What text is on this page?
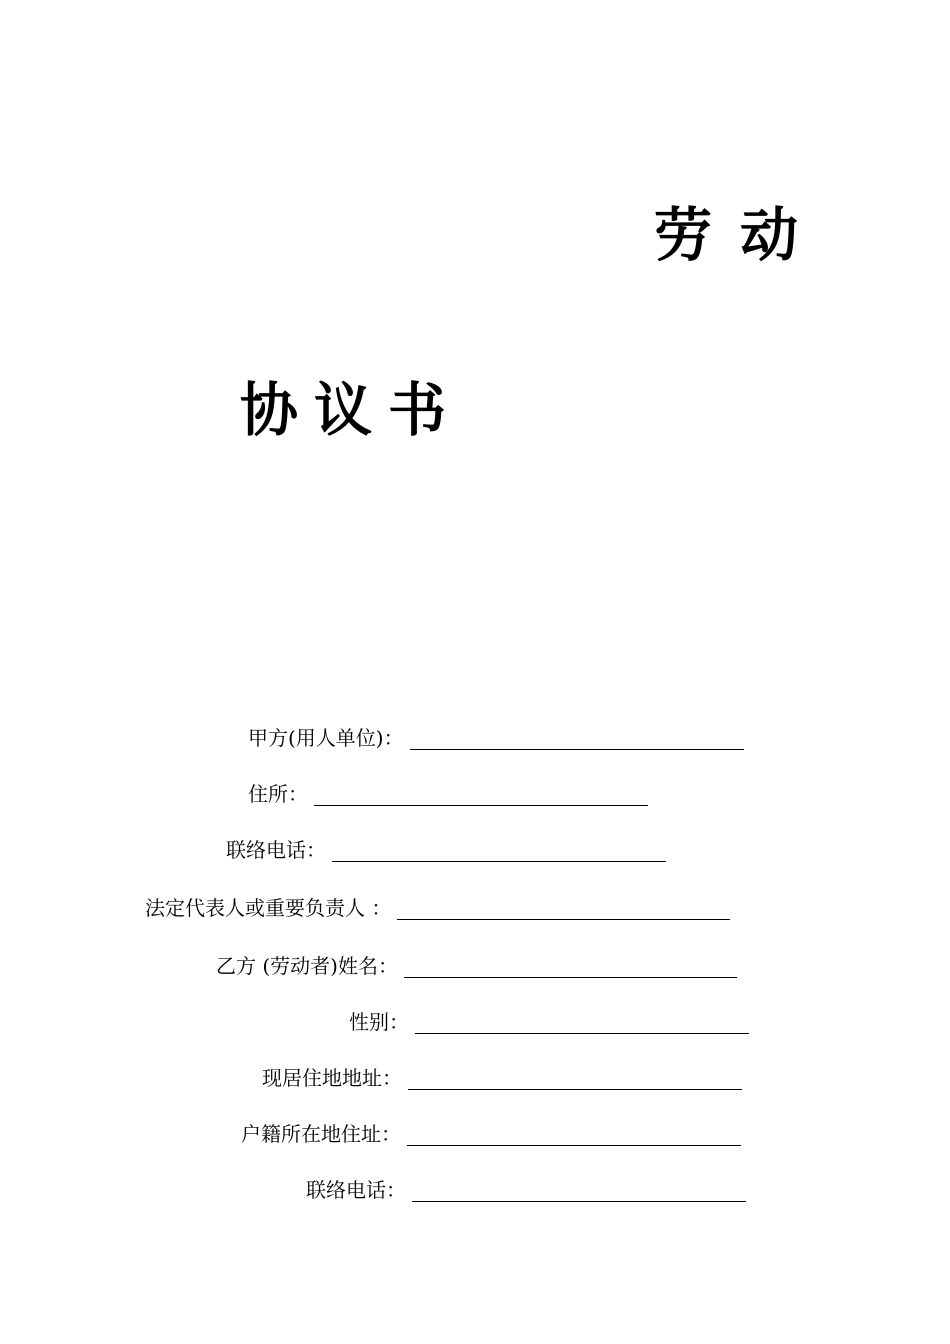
劳动
协议书
甲方(用人单位)：
住所：
联络电话：
法定代表人或重要负责人 ：
乙方 (劳动者)姓名：
性别：
现居住地地址：
户籍所在地住址：
联络电话：
